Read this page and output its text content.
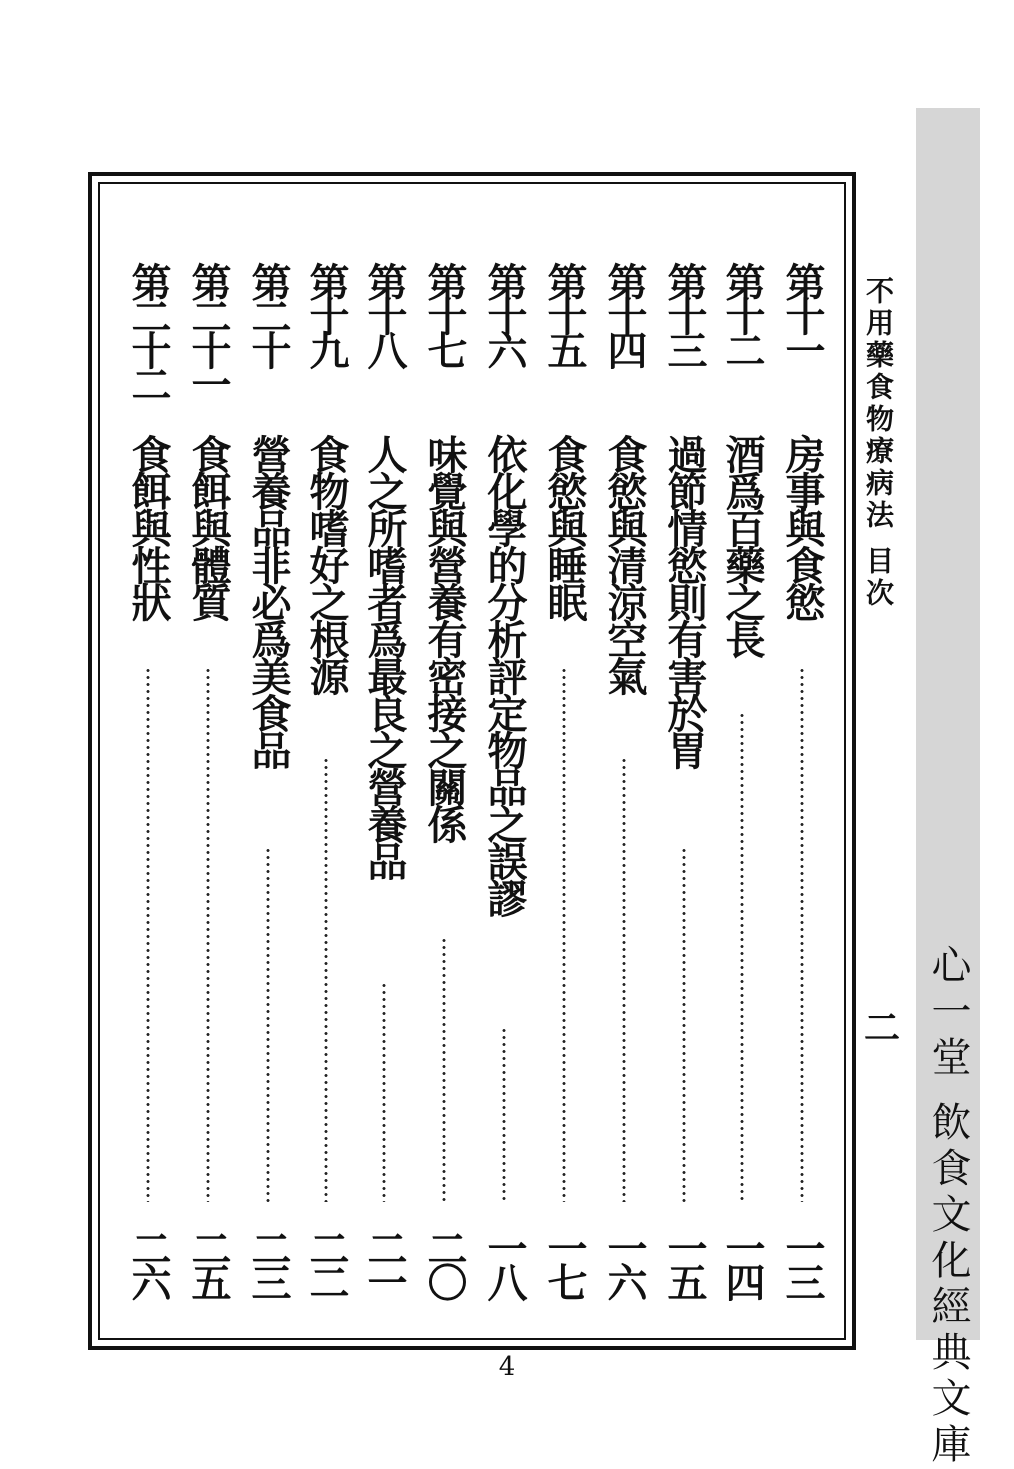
不用藥食物療病法 目次
二
第十一
房事與食慾
一三
第十二
酒爲百藥之長
一四
第十三
過節情慾則有害於胃
一五
第十四
食慾與清涼空氣
一六
第十五
食慾與睡眠
一七
第十六
依化學的分析評定物品之誤謬
一八
第十七
味覺與營養有密接之關係
二〇
第十八
人之所嗜者爲最良之營養品
二一
第十九
食物嗜好之根源
二二
第二十
營養品非必爲美食品
二三
第二十一
食餌與體質
二五
第二十二
食餌與性狀
二六	心一堂 飲食文化經典文庫
4
